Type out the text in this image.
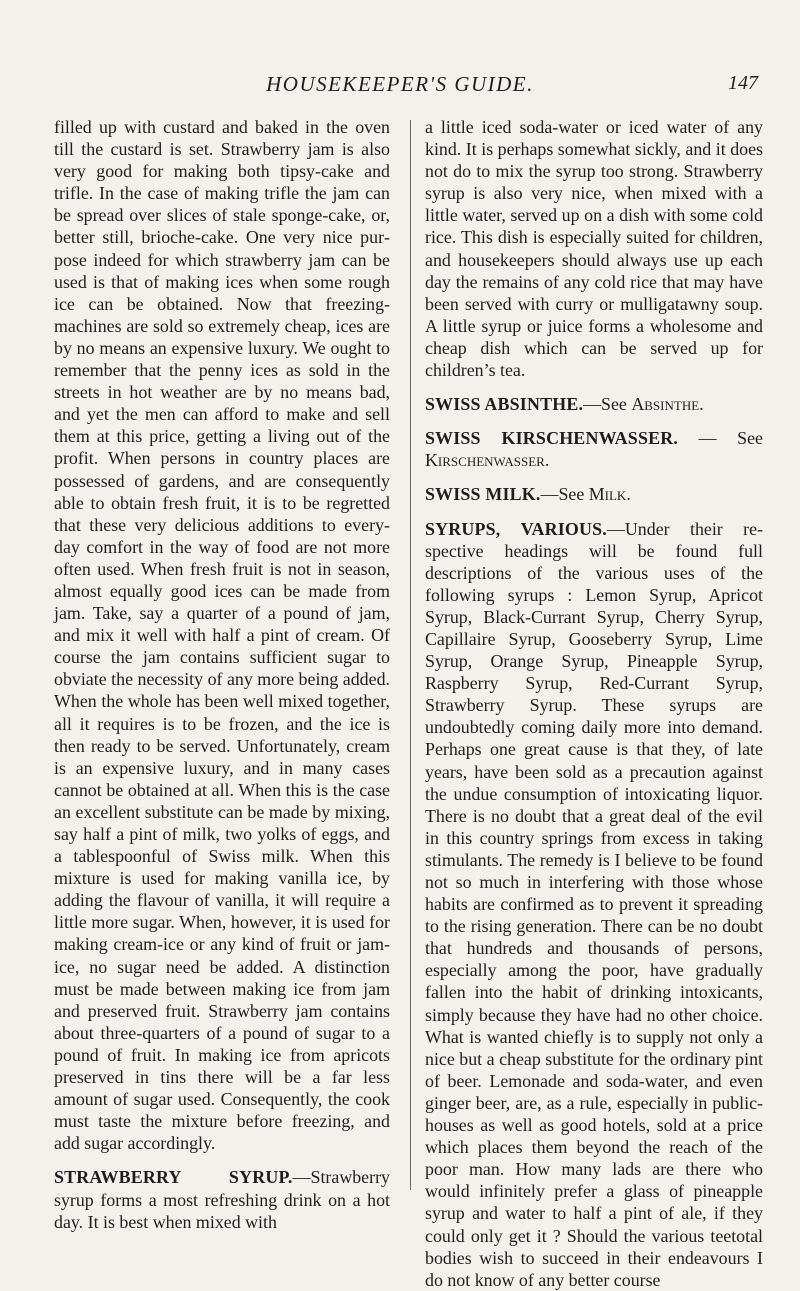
HOUSEKEEPER'S GUIDE.	147

filled up with custard and baked in the oven till the custard is set. Strawberry jam is also very good for making both tipsy-cake and trifle. In the case of making trifle the jam can be spread over slices of stale sponge-cake, or, better still, brioche-cake. One very nice purpose indeed for which strawberry jam can be used is that of making ices when some rough ice can be obtained. Now that freezing-machines are sold so extremely cheap, ices are by no means an expensive luxury. We ought to remember that the penny ices as sold in the streets in hot weather are by no means bad, and yet the men can afford to make and sell them at this price, getting a living out of the profit. When persons in country places are possessed of gardens, and are consequently able to obtain fresh fruit, it is to be regretted that these very delicious additions to every-day comfort in the way of food are not more often used. When fresh fruit is not in season, almost equally good ices can be made from jam. Take, say a quarter of a pound of jam, and mix it well with half a pint of cream. Of course the jam contains sufficient sugar to obviate the necessity of any more being added. When the whole has been well mixed together, all it requires is to be frozen, and the ice is then ready to be served. Unfortunately, cream is an expensive luxury, and in many cases cannot be obtained at all. When this is the case an excellent substitute can be made by mixing, say half a pint of milk, two yolks of eggs, and a tablespoonful of Swiss milk. When this mixture is used for making vanilla ice, by adding the flavour of vanilla, it will require a little more sugar. When, however, it is used for making cream-ice or any kind of fruit or jam-ice, no sugar need be added. A distinction must be made between making ice from jam and preserved fruit. Strawberry jam contains about three-quarters of a pound of sugar to a pound of fruit. In making ice from apricots preserved in tins there will be a far less amount of sugar used. Consequently, the cook must taste the mixture before freezing, and add sugar accordingly.

STRAWBERRY SYRUP.—Strawberry syrup forms a most refreshing drink on a hot day. It is best when mixed with

a little iced soda-water or iced water of any kind. It is perhaps somewhat sickly, and it does not do to mix the syrup too strong. Strawberry syrup is also very nice, when mixed with a little water, served up on a dish with some cold rice. This dish is especially suited for children, and housekeepers should always use up each day the remains of any cold rice that may have been served with curry or mulligatawny soup. A little syrup or juice forms a wholesome and cheap dish which can be served up for children’s tea.

SWISS ABSINTHE.—See Absinthe.

SWISS KIRSCHENWASSER. — See Kirschenwasser.

SWISS MILK.—See Milk.

SYRUPS, VARIOUS.—Under their respective headings will be found full descriptions of the various uses of the following syrups : Lemon Syrup, Apricot Syrup, Black-Currant Syrup, Cherry Syrup, Capillaire Syrup, Gooseberry Syrup, Lime Syrup, Orange Syrup, Pineapple Syrup, Raspberry Syrup, Red-Currant Syrup, Strawberry Syrup. These syrups are undoubtedly coming daily more into demand. Perhaps one great cause is that they, of late years, have been sold as a precaution against the undue consumption of intoxicating liquor. There is no doubt that a great deal of the evil in this country springs from excess in taking stimulants. The remedy is I believe to be found not so much in interfering with those whose habits are confirmed as to prevent it spreading to the rising generation. There can be no doubt that hundreds and thousands of persons, especially among the poor, have gradually fallen into the habit of drinking intoxicants, simply because they have had no other choice. What is wanted chiefly is to supply not only a nice but a cheap substitute for the ordinary pint of beer. Lemonade and soda-water, and even ginger beer, are, as a rule, especially in public-houses as well as good hotels, sold at a price which places them beyond the reach of the poor man. How many lads are there who would infinitely prefer a glass of pineapple syrup and water to half a pint of ale, if they could only get it ? Should the various teetotal bodies wish to succeed in their endeavours I do not know of any better course
